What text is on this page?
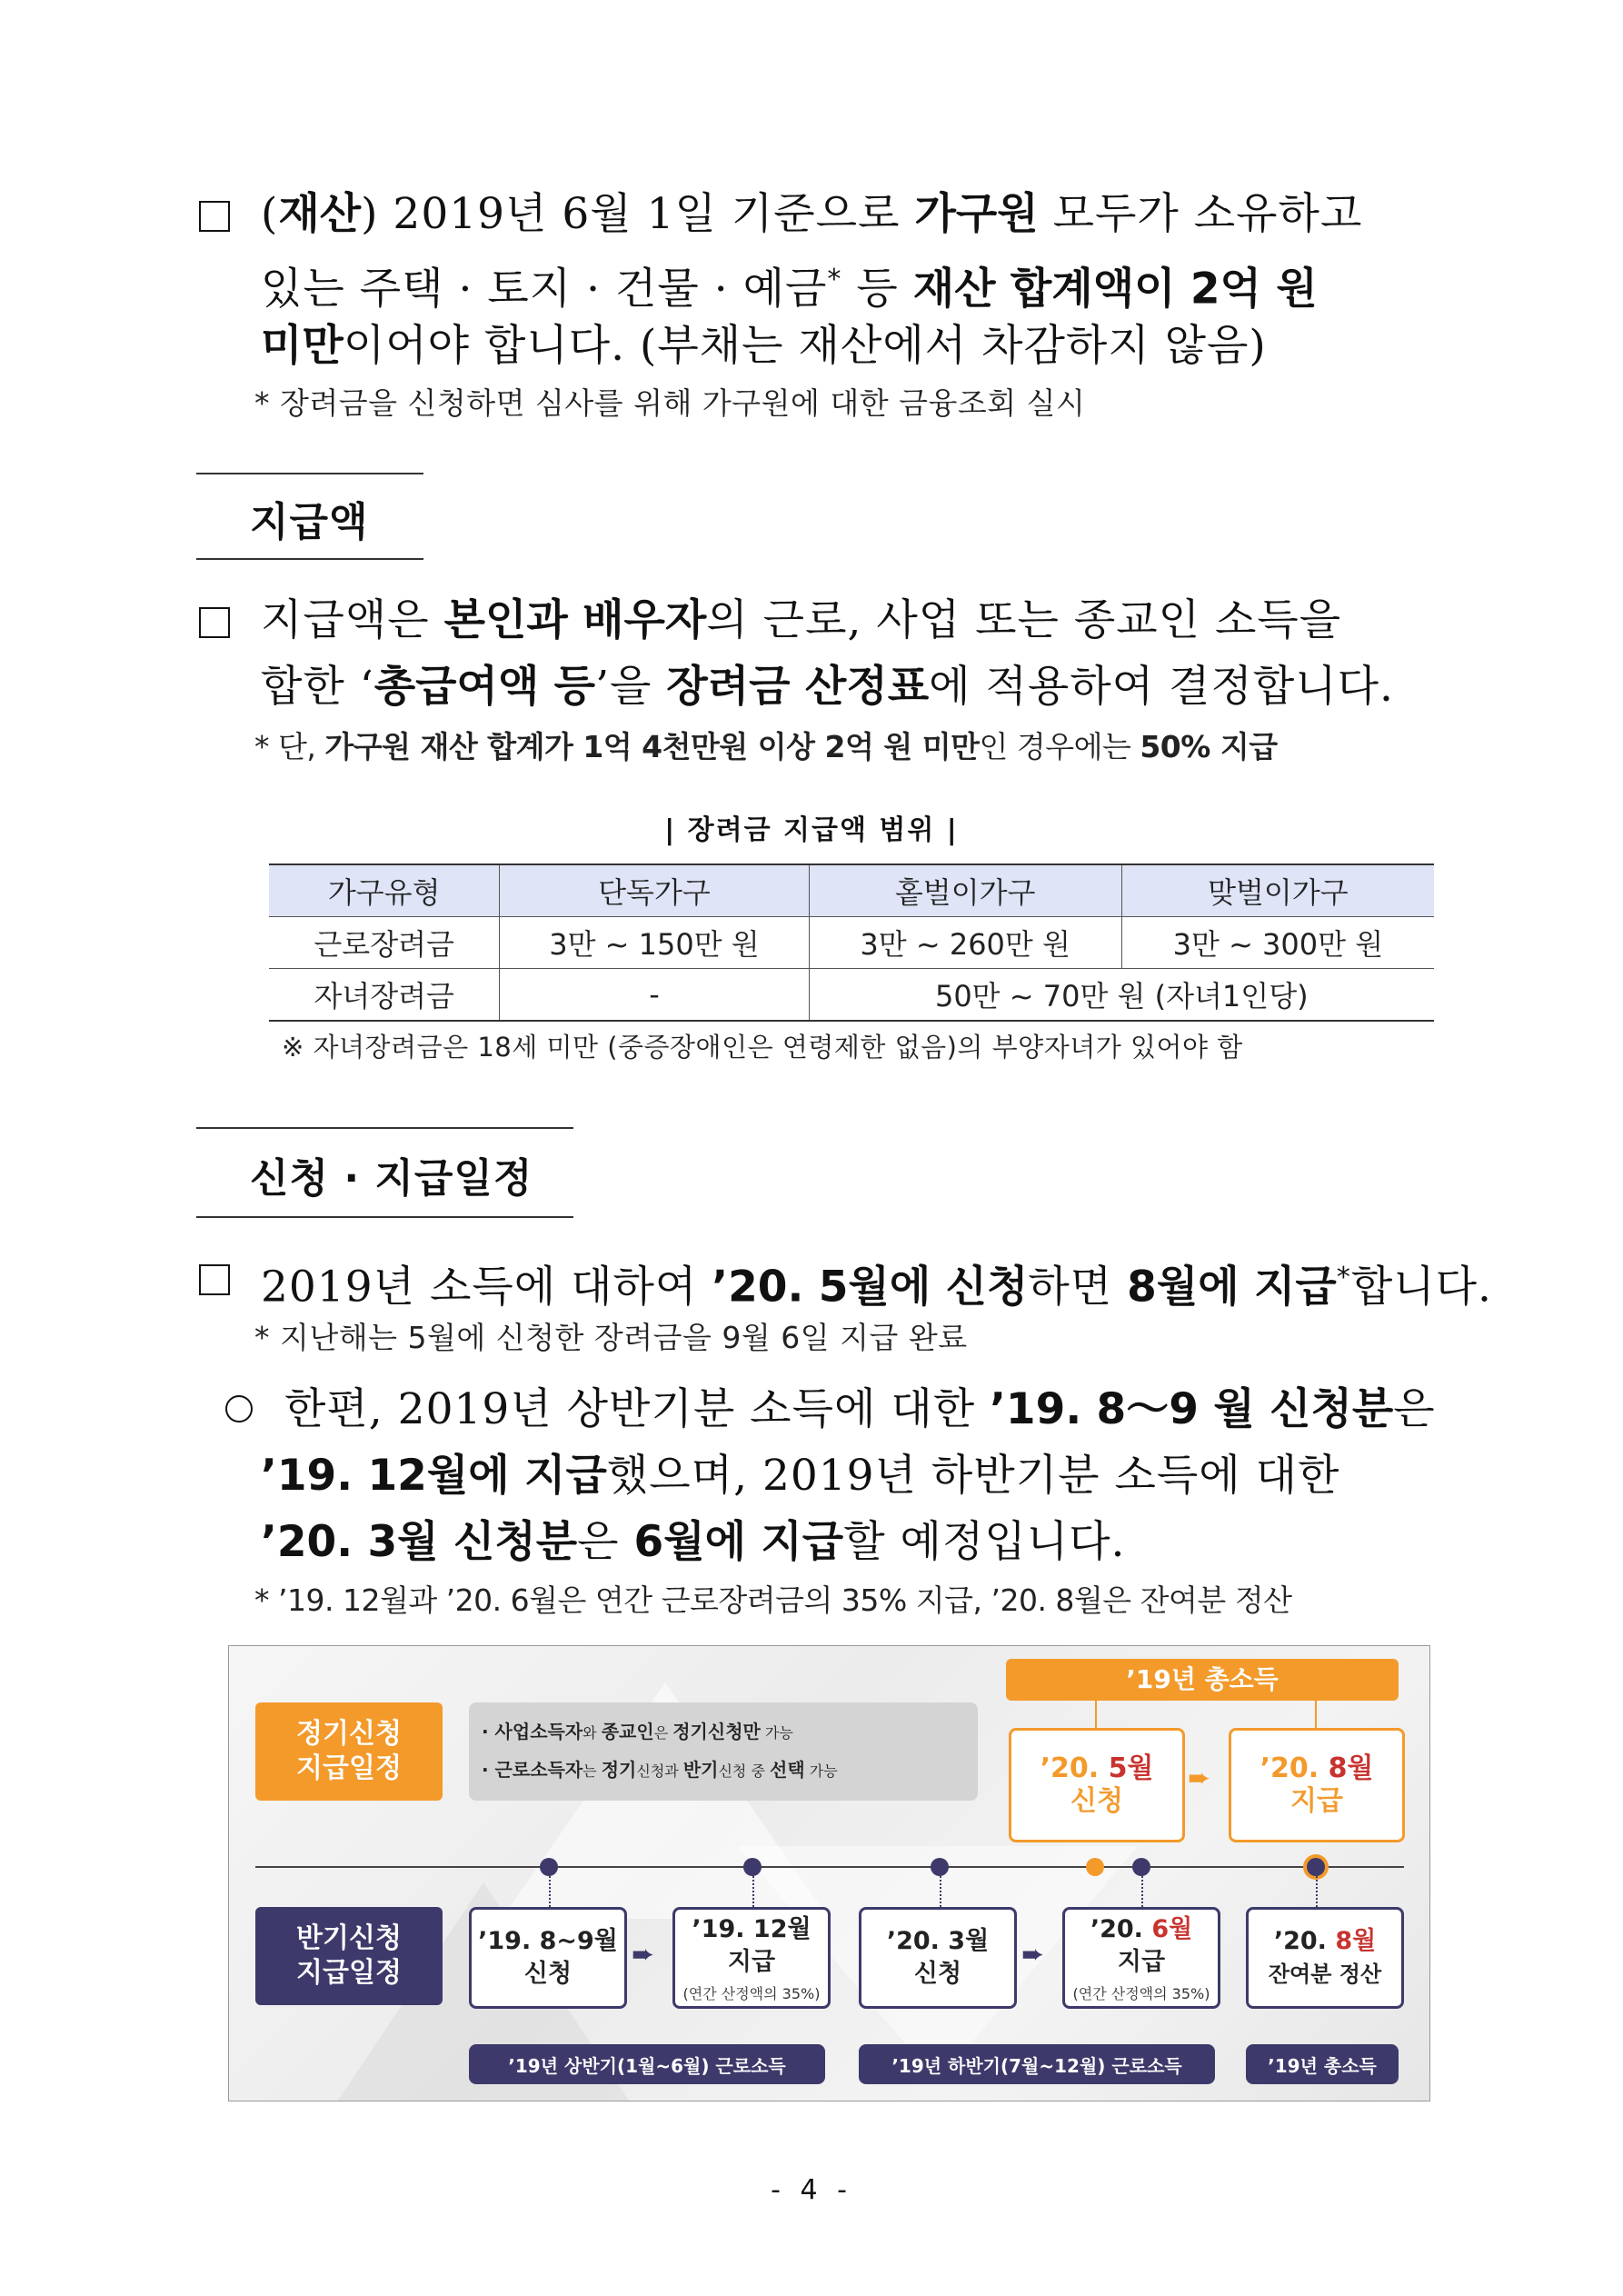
(재산) 2019년 6월 1일 기준으로 가구원 모두가 소유하고
있는 주택 · 토지 · 건물 · 예금* 등 재산 합계액이 2억 원
미만이어야 합니다. (부채는 재산에서 차감하지 않음)
* 장려금을 신청하면 심사를 위해 가구원에 대한 금융조회 실시
지급액
지급액은 본인과 배우자의 근로, 사업 또는 종교인 소득을
합한 ‘총급여액 등’을 장려금 산정표에 적용하여 결정합니다.
* 단, 가구원 재산 합계가 1억 4천만원 이상 2억 원 미만인 경우에는 50% 지급
| 장려금 지급액 범위 |
가구유형	단독가구	홑벌이가구	맞벌이가구
근로장려금	3만 ~ 150만 원	3만 ~ 260만 원	3만 ~ 300만 원
자녀장려금	-	50만 ~ 70만 원 (자녀1인당)	
※ 자녀장려금은 18세 미만 (중증장애인은 연령제한 없음)의 부양자녀가 있어야 함
신청 · 지급일정
2019년 소득에 대하여 ’20. 5월에 신청하면 8월에 지급*합니다.
* 지난해는 5월에 신청한 장려금을 9월 6일 지급 완료
한편, 2019년 상반기분 소득에 대한 ’19. 8～9 월 신청분은
’19. 12월에 지급했으며, 2019년 하반기분 소득에 대한
’20. 3월 신청분은 6월에 지급할 예정입니다.
* ’19. 12월과 ’20. 6월은 연간 근로장려금의 35% 지급, ’20. 8월은 잔여분 정산
’19년 총소득
정기신청
지급일정
· 사업소득자와 종교인은 정기신청만 가능
· 근로소득자는 정기신청과 반기신청 중 선택 가능	’20. 5월
신청
➨ ’20. 8월
지급
반기신청
지급일정
’19. 8~9월
신청
➨
’19. 12월
지급
(연간 산정액의 35%)
’20. 3월
신청
➨
’20. 6월
지급
(연간 산정액의 35%)
’20. 8월
잔여분 정산
’19년 상반기(1월~6월) 근로소득	’19년 하반기(7월~12월) 근로소득	’19년 총소득
- 4 -
